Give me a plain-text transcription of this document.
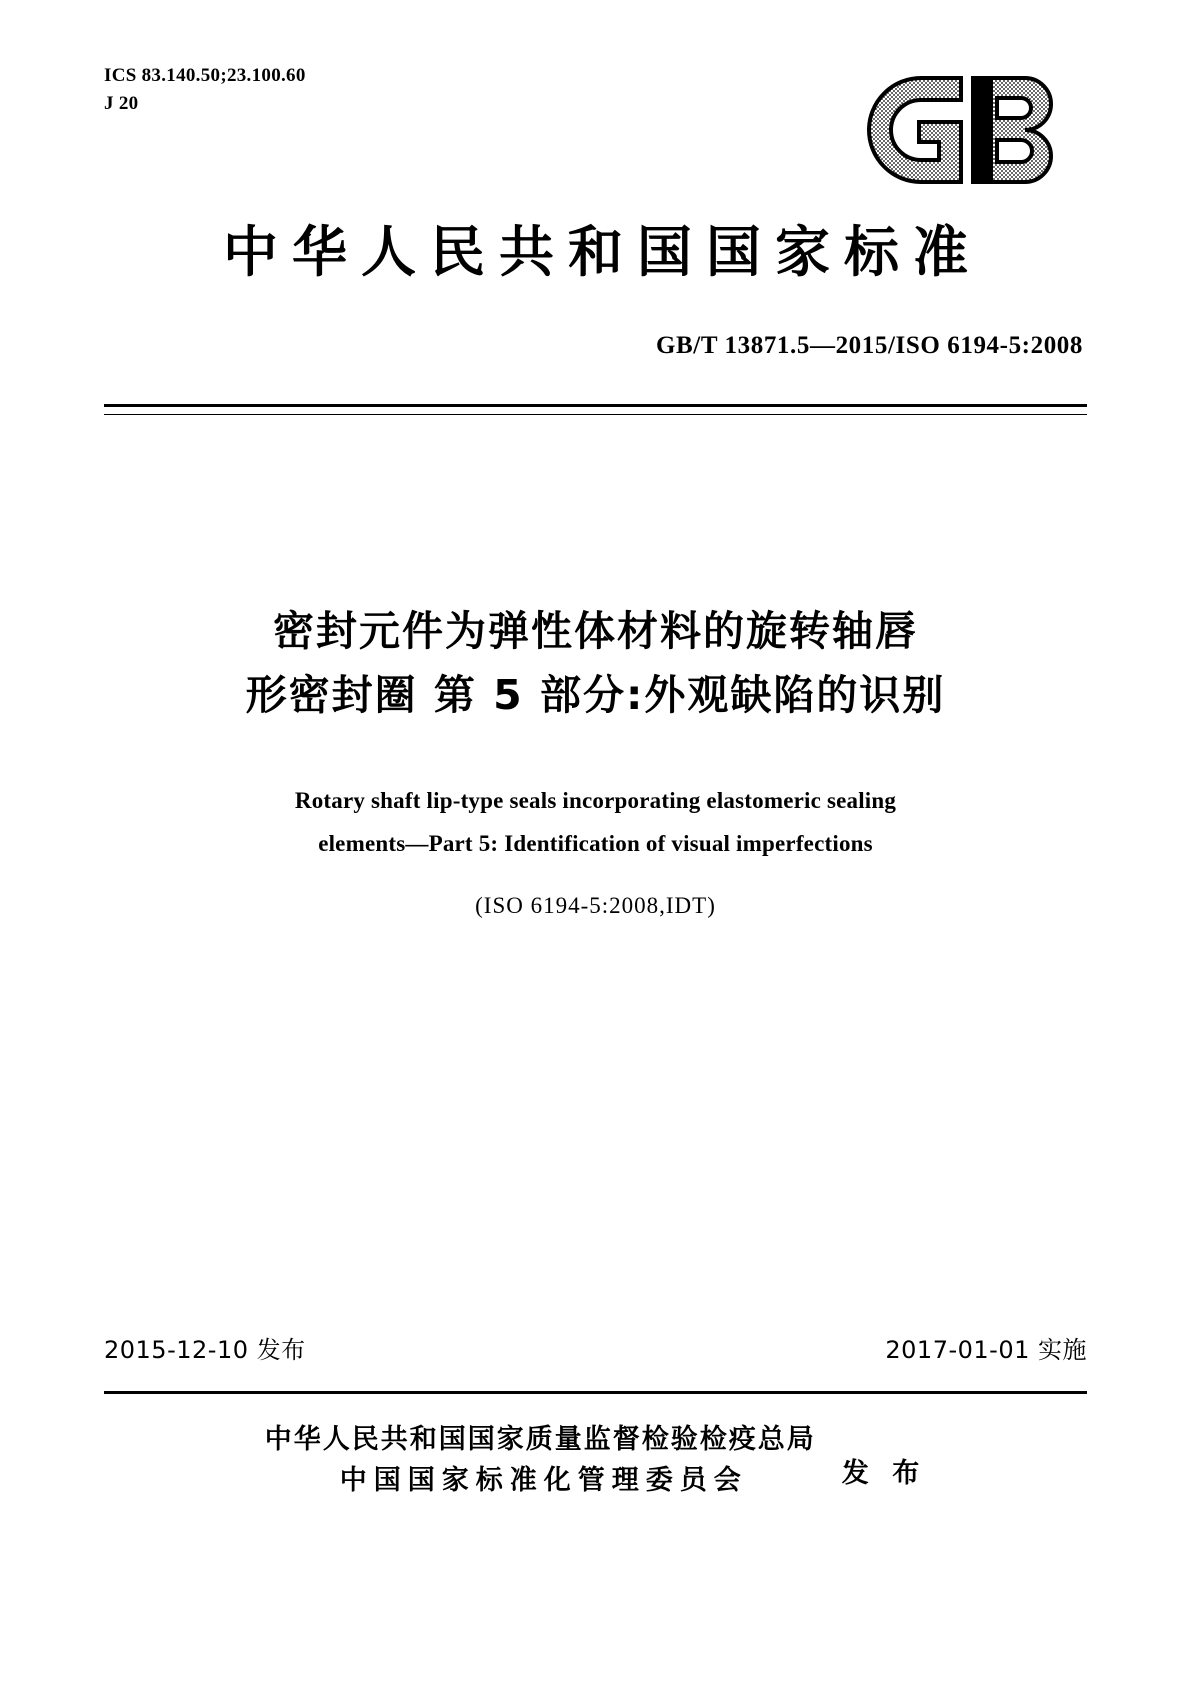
ICS 83.140.50;23.100.60
J 20
中华人民共和国国家标准
GB/T 13871.5—2015/ISO 6194-5:2008
密封元件为弹性体材料的旋转轴唇
形密封圈 第 5 部分:外观缺陷的识别
Rotary shaft lip-type seals incorporating elastomeric sealing
elements—Part 5: Identification of visual imperfections
(ISO 6194-5:2008,IDT)
2015-12-10 发布	2017-01-01 实施
中华人民共和国国家质量监督检验检疫总局
中国国家标准化管理委员会	发 布
